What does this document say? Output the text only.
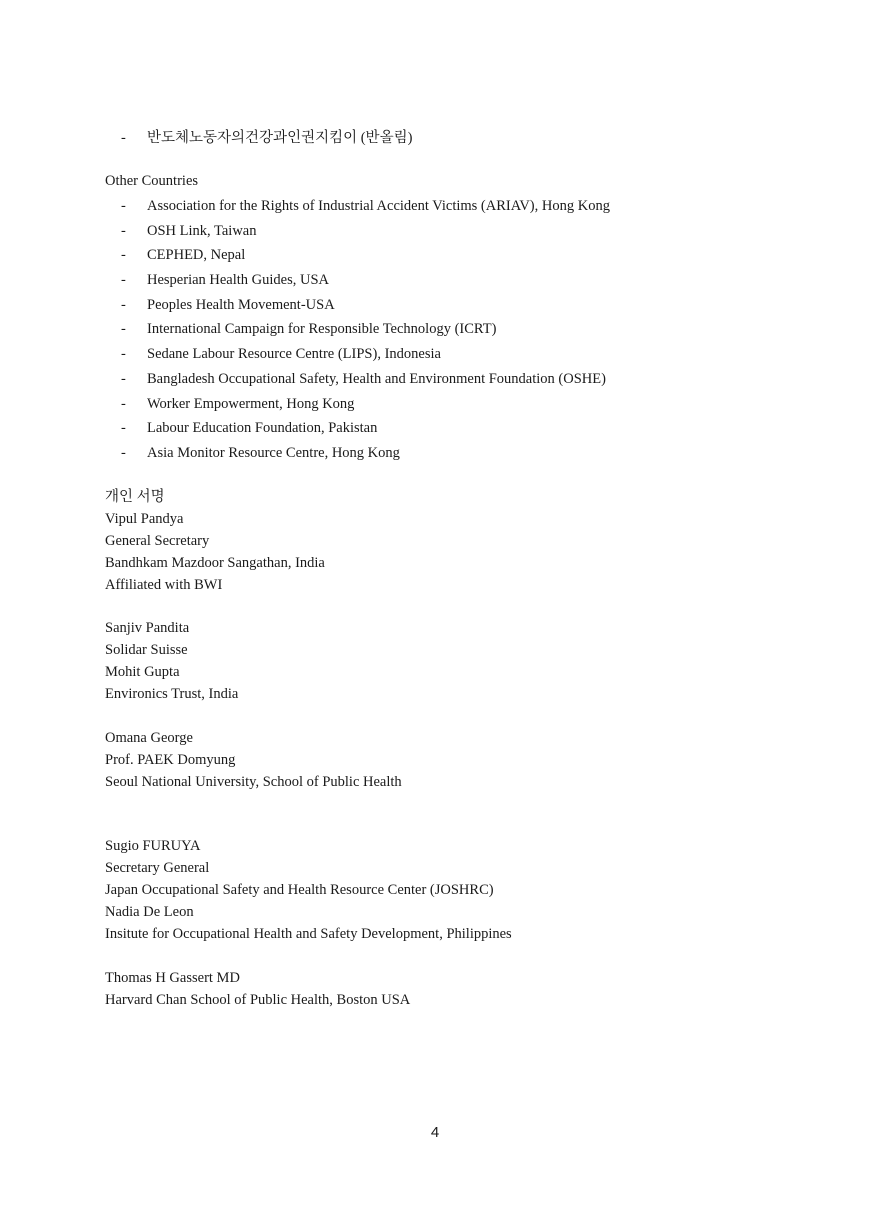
- 반도체노동자의건강과인권지킴이 (반올림)
Other Countries
- Association for the Rights of Industrial Accident Victims (ARIAV), Hong Kong
- OSH Link, Taiwan
- CEPHED, Nepal
- Hesperian Health Guides, USA
- Peoples Health Movement-USA
- International Campaign for Responsible Technology (ICRT)
- Sedane Labour Resource Centre (LIPS), Indonesia
- Bangladesh Occupational Safety, Health and Environment Foundation (OSHE)
- Worker Empowerment, Hong Kong
- Labour Education Foundation, Pakistan
- Asia Monitor Resource Centre, Hong Kong
개인 서명
Vipul Pandya
General Secretary
Bandhkam Mazdoor Sangathan, India
Affiliated with BWI
Sanjiv Pandita
Solidar Suisse
Mohit Gupta
Environics Trust, India
Omana George
Prof. PAEK Domyung
Seoul National University, School of Public Health
Sugio FURUYA
Secretary General
Japan Occupational Safety and Health Resource Center (JOSHRC)
Nadia De Leon
Insitute for Occupational Health and Safety Development, Philippines
Thomas H Gassert MD
Harvard Chan School of Public Health, Boston USA
4
